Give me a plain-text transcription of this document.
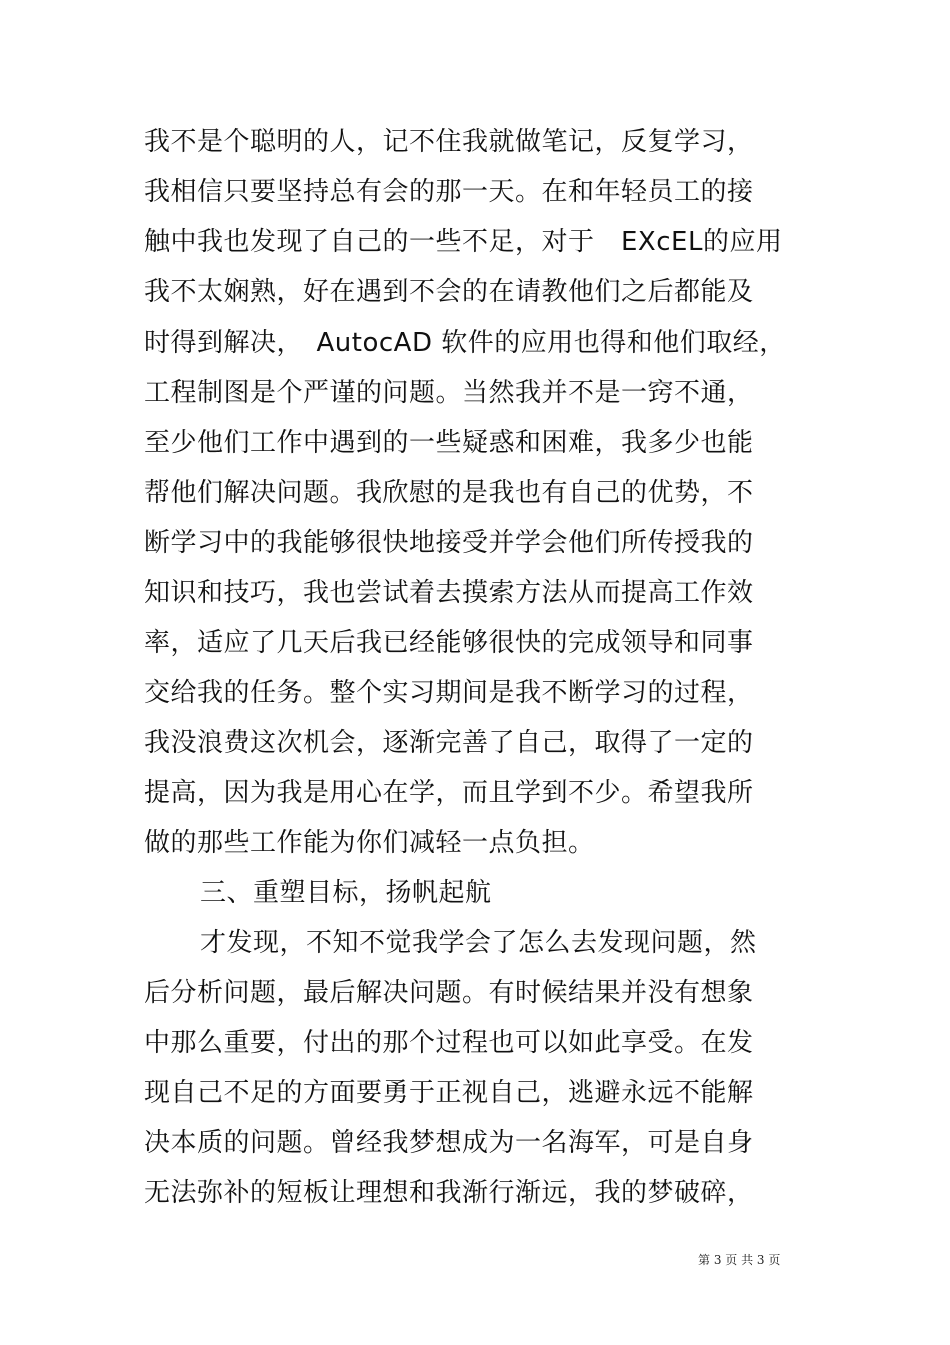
我不是个聪明的人，记不住我就做笔记，反复学习，
我相信只要坚持总有会的那一天。在和年轻员工的接
触中我也发现了自己的一些不足，对于　EXcEL的应用
我不太娴熟，好在遇到不会的在请教他们之后都能及
时得到解决，　AutocAD 软件的应用也得和他们取经，
工程制图是个严谨的问题。当然我并不是一窍不通，
至少他们工作中遇到的一些疑惑和困难，我多少也能
帮他们解决问题。我欣慰的是我也有自己的优势，不
断学习中的我能够很快地接受并学会他们所传授我的
知识和技巧，我也尝试着去摸索方法从而提高工作效
率，适应了几天后我已经能够很快的完成领导和同事
交给我的任务。整个实习期间是我不断学习的过程，
我没浪费这次机会，逐渐完善了自己，取得了一定的
提高，因为我是用心在学，而且学到不少。希望我所
做的那些工作能为你们减轻一点负担。
三、重塑目标，扬帆起航
才发现，不知不觉我学会了怎么去发现问题，然
后分析问题，最后解决问题。有时候结果并没有想象
中那么重要，付出的那个过程也可以如此享受。在发
现自己不足的方面要勇于正视自己，逃避永远不能解
决本质的问题。曾经我梦想成为一名海军，可是自身
无法弥补的短板让理想和我渐行渐远，我的梦破碎，
第 3 页 共 3 页
